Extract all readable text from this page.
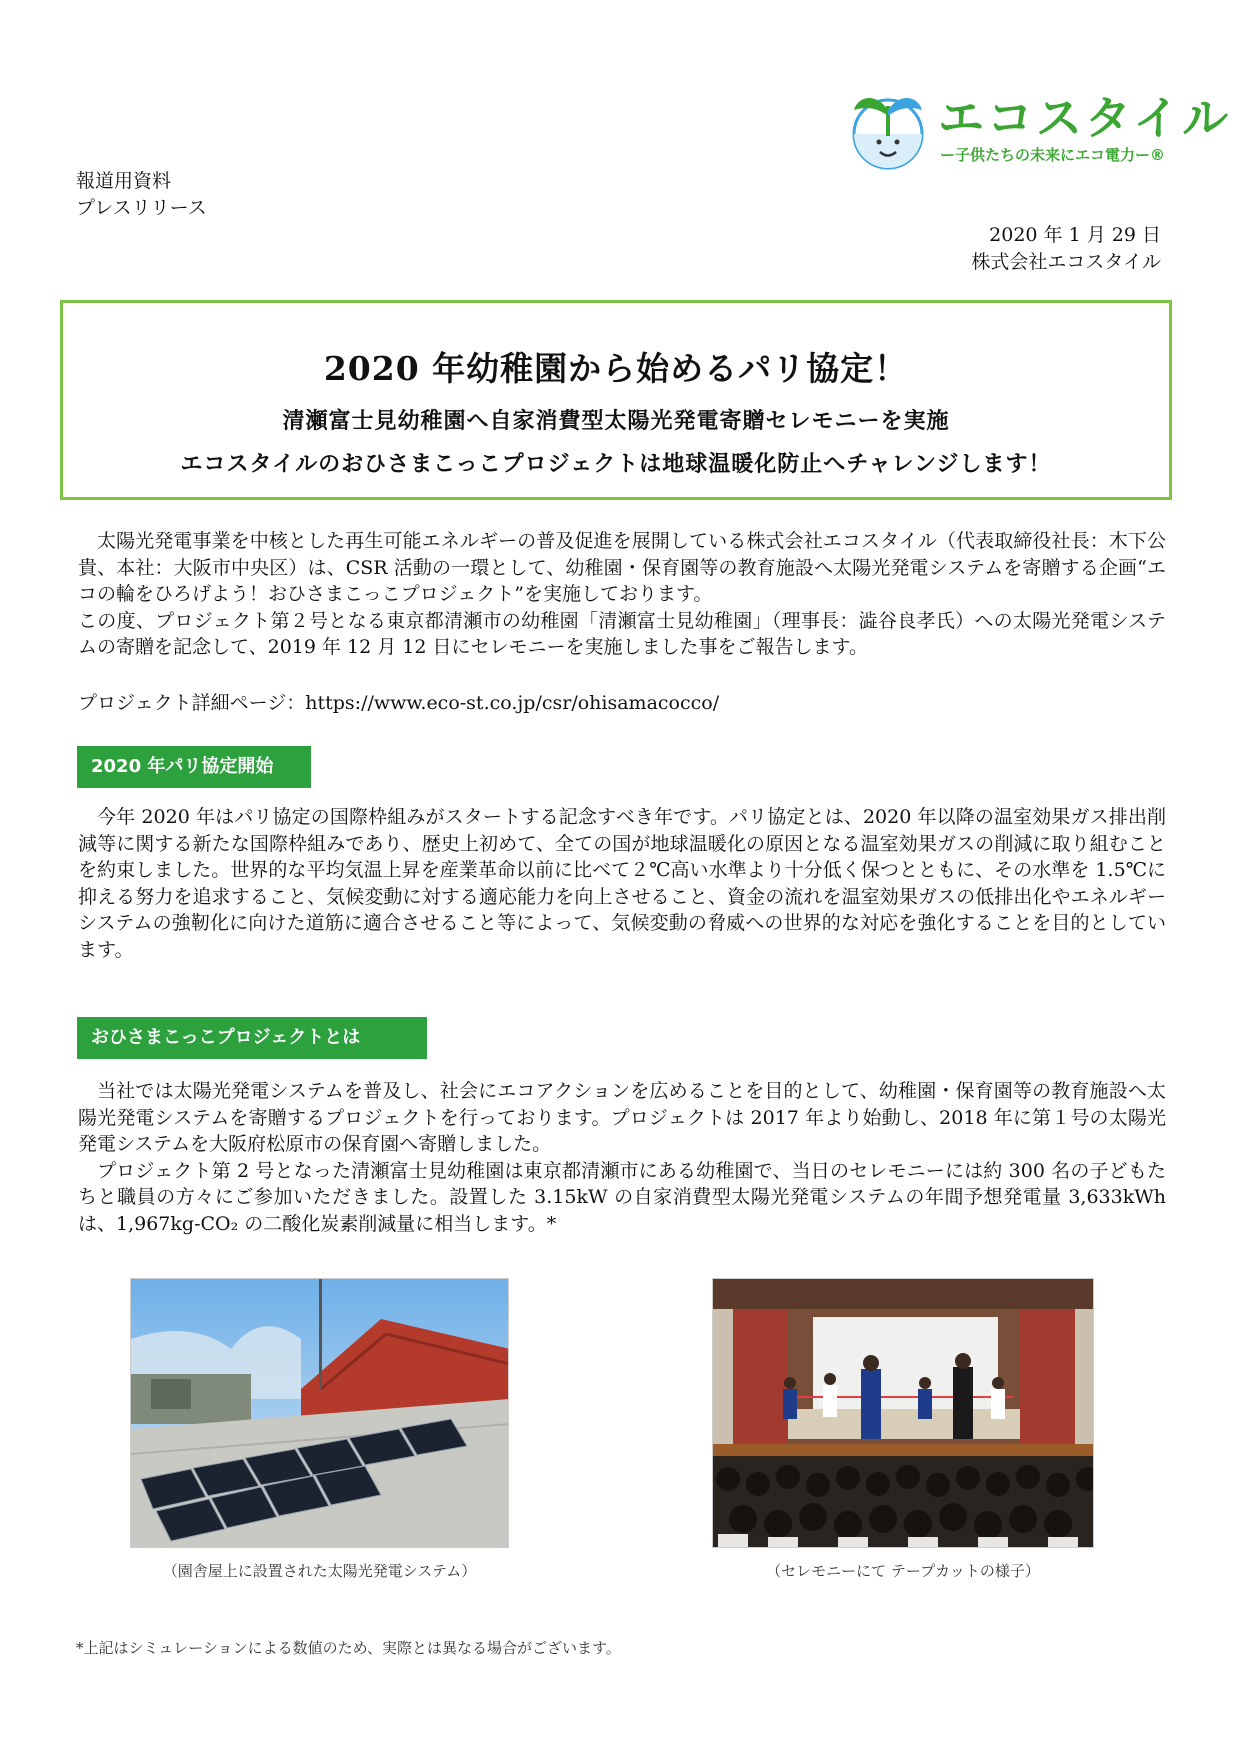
エコスタイル
ー子供たちの未来にエコ電力ー®
報道用資料
プレスリリース
2020 年 1 月 29 日
株式会社エコスタイル
2020 年幼稚園から始めるパリ協定！
清瀬富士見幼稚園へ自家消費型太陽光発電寄贈セレモニーを実施
エコスタイルのおひさまこっこプロジェクトは地球温暖化防止へチャレンジします！

太陽光発電事業を中核とした再生可能エネルギーの普及促進を展開している株式会社エコスタイル（代表取締役社長：木下公貴、本社：大阪市中央区）は、CSR 活動の一環として、幼稚園・保育園等の教育施設へ太陽光発電システムを寄贈する企画“エコの輪をひろげよう！おひさまこっこプロジェクト”を実施しております。

この度、プロジェクト第２号となる東京都清瀬市の幼稚園「清瀬富士見幼稚園」（理事長：澁谷良孝氏）への太陽光発電システムの寄贈を記念して、2019 年 12 月 12 日にセレモニーを実施しました事をご報告します。

プロジェクト詳細ページ：https://www.eco-st.co.jp/csr/ohisamacocco/

2020 年パリ協定開始

今年 2020 年はパリ協定の国際枠組みがスタートする記念すべき年です。パリ協定とは、2020 年以降の温室効果ガス排出削減等に関する新たな国際枠組みであり、歴史上初めて、全ての国が地球温暖化の原因となる温室効果ガスの削減に取り組むことを約束しました。世界的な平均気温上昇を産業革命以前に比べて２℃高い水準より十分低く保つとともに、その水準を 1.5℃に抑える努力を追求すること、気候変動に対する適応能力を向上させること、資金の流れを温室効果ガスの低排出化やエネルギーシステムの強靭化に向けた道筋に適合させること等によって、気候変動の脅威への世界的な対応を強化することを目的としています。

おひさまこっこプロジェクトとは

当社では太陽光発電システムを普及し、社会にエコアクションを広めることを目的として、幼稚園・保育園等の教育施設へ太陽光発電システムを寄贈するプロジェクトを行っております。プロジェクトは 2017 年より始動し、2018 年に第１号の太陽光発電システムを大阪府松原市の保育園へ寄贈しました。

プロジェクト第 2 号となった清瀬富士見幼稚園は東京都清瀬市にある幼稚園で、当日のセレモニーには約 300 名の子どもたちと職員の方々にご参加いただきました。設置した 3.15kW の自家消費型太陽光発電システムの年間予想発電量 3,633kWh は、1,967kg-CO₂ の二酸化炭素削減量に相当します。*

（園舎屋上に設置された太陽光発電システム）	（セレモニーにて テープカットの様子）
*上記はシミュレーションによる数値のため、実際とは異なる場合がございます。
